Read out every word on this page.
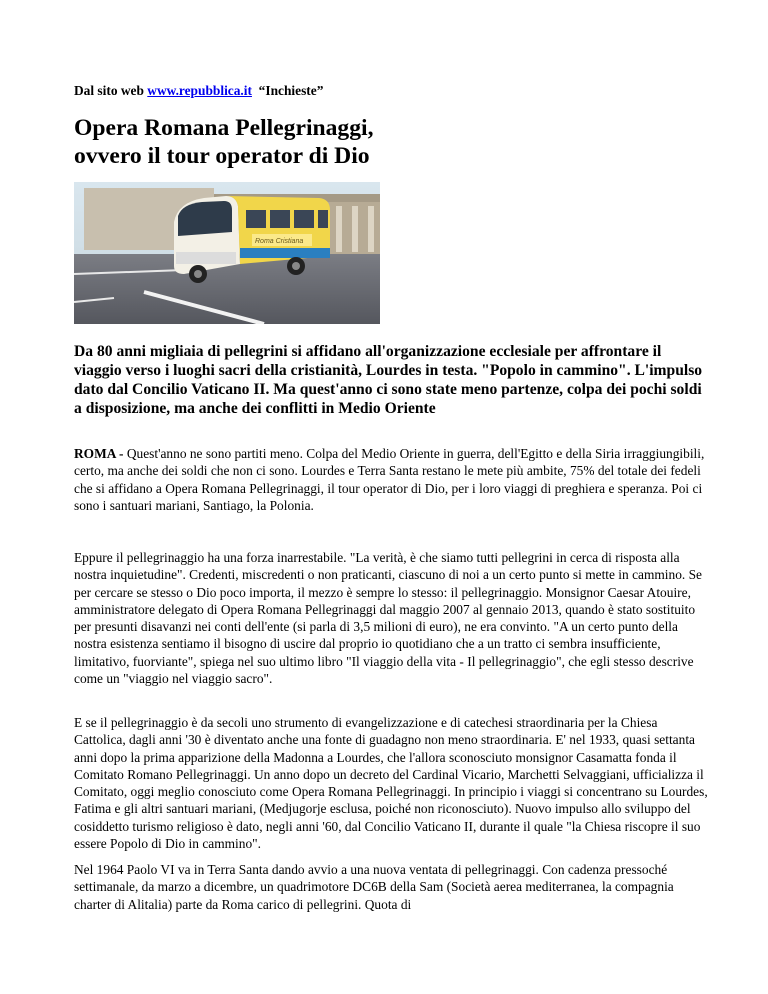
Dal sito web www.repubblica.it “Inchieste”
Opera Romana Pellegrinaggi,
ovvero il tour operator di Dio
Roma Cristiana

Da 80 anni migliaia di pellegrini si affidano all'organizzazione ecclesiale per affrontare il viaggio verso i luoghi sacri della cristianità, Lourdes in testa. "Popolo in cammino". L'impulso dato dal Concilio Vaticano II. Ma quest'anno ci sono state meno partenze, colpa dei pochi soldi a disposizione, ma anche dei conflitti in Medio Oriente

ROMA - Quest'anno ne sono partiti meno. Colpa del Medio Oriente in guerra, dell'Egitto e della Siria irraggiungibili, certo, ma anche dei soldi che non ci sono. Lourdes e Terra Santa restano le mete più ambite, 75% del totale dei fedeli che si affidano a Opera Romana Pellegrinaggi, il tour operator di Dio, per i loro viaggi di preghiera e speranza. Poi ci sono i santuari mariani, Santiago, la Polonia.

Eppure il pellegrinaggio ha una forza inarrestabile. "La verità, è che siamo tutti pellegrini in cerca di risposta alla nostra inquietudine". Credenti, miscredenti o non praticanti, ciascuno di noi a un certo punto si mette in cammino. Se per cercare se stesso o Dio poco importa, il mezzo è sempre lo stesso: il pellegrinaggio. Monsignor Caesar Atouire, amministratore delegato di Opera Romana Pellegrinaggi dal maggio 2007 al gennaio 2013, quando è stato sostituito per presunti disavanzi nei conti dell'ente (si parla di 3,5 milioni di euro), ne era convinto. "A un certo punto della nostra esistenza sentiamo il bisogno di uscire dal proprio io quotidiano che a un tratto ci sembra insufficiente, limitativo, fuorviante", spiega nel suo ultimo libro "Il viaggio della vita - Il pellegrinaggio", che egli stesso descrive come un "viaggio nel viaggio sacro".

E se il pellegrinaggio è da secoli uno strumento di evangelizzazione e di catechesi straordinaria per la Chiesa Cattolica, dagli anni '30 è diventato anche una fonte di guadagno non meno straordinaria. E' nel 1933, quasi settanta anni dopo la prima apparizione della Madonna a Lourdes, che l'allora sconosciuto monsignor Casamatta fonda il Comitato Romano Pellegrinaggi. Un anno dopo un decreto del Cardinal Vicario, Marchetti Selvaggiani, ufficializza il Comitato, oggi meglio conosciuto come Opera Romana Pellegrinaggi. In principio i viaggi si concentrano su Lourdes, Fatima e gli altri santuari mariani, (Medjugorje esclusa, poiché non riconosciuto). Nuovo impulso allo sviluppo del cosiddetto turismo religioso è dato, negli anni '60, dal Concilio Vaticano II, durante il quale "la Chiesa riscopre il suo essere Popolo di Dio in cammino".

Nel 1964 Paolo VI va in Terra Santa dando avvio a una nuova ventata di pellegrinaggi. Con cadenza pressoché settimanale, da marzo a dicembre, un quadrimotore DC6B della Sam (Società aerea mediterranea, la compagnia charter di Alitalia) parte da Roma carico di pellegrini. Quota di
